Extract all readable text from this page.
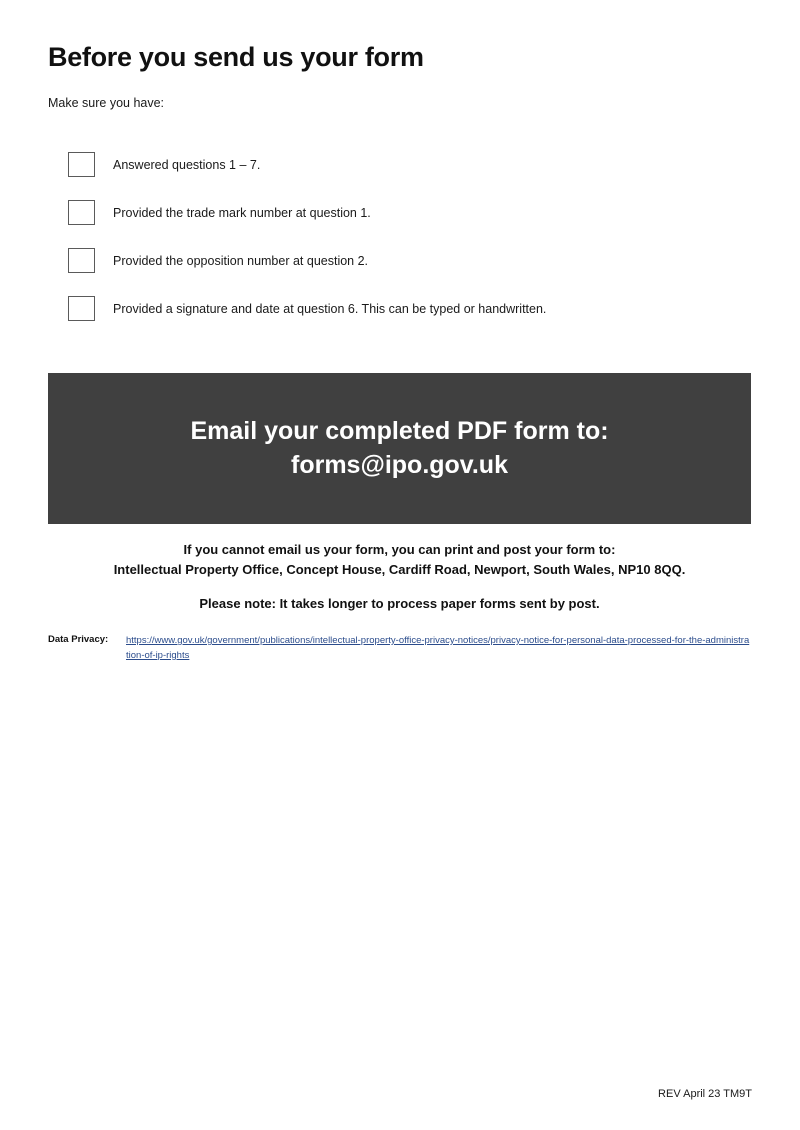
Before you send us your form
Make sure you have:
Answered questions 1 – 7.
Provided the trade mark number at question 1.
Provided the opposition number at question 2.
Provided a signature and date at question 6. This can be typed or handwritten.
Email your completed PDF form to:
forms@ipo.gov.uk
If you cannot email us your form, you can print and post your form to:
Intellectual Property Office, Concept House, Cardiff Road, Newport, South Wales, NP10 8QQ.
Please note: It takes longer to process paper forms sent by post.
Data Privacy: https://www.gov.uk/government/publications/intellectual-property-office-privacy-notices/privacy-notice-for-personal-data-processed-for-the-administration-of-ip-rights
REV April 23 TM9T
